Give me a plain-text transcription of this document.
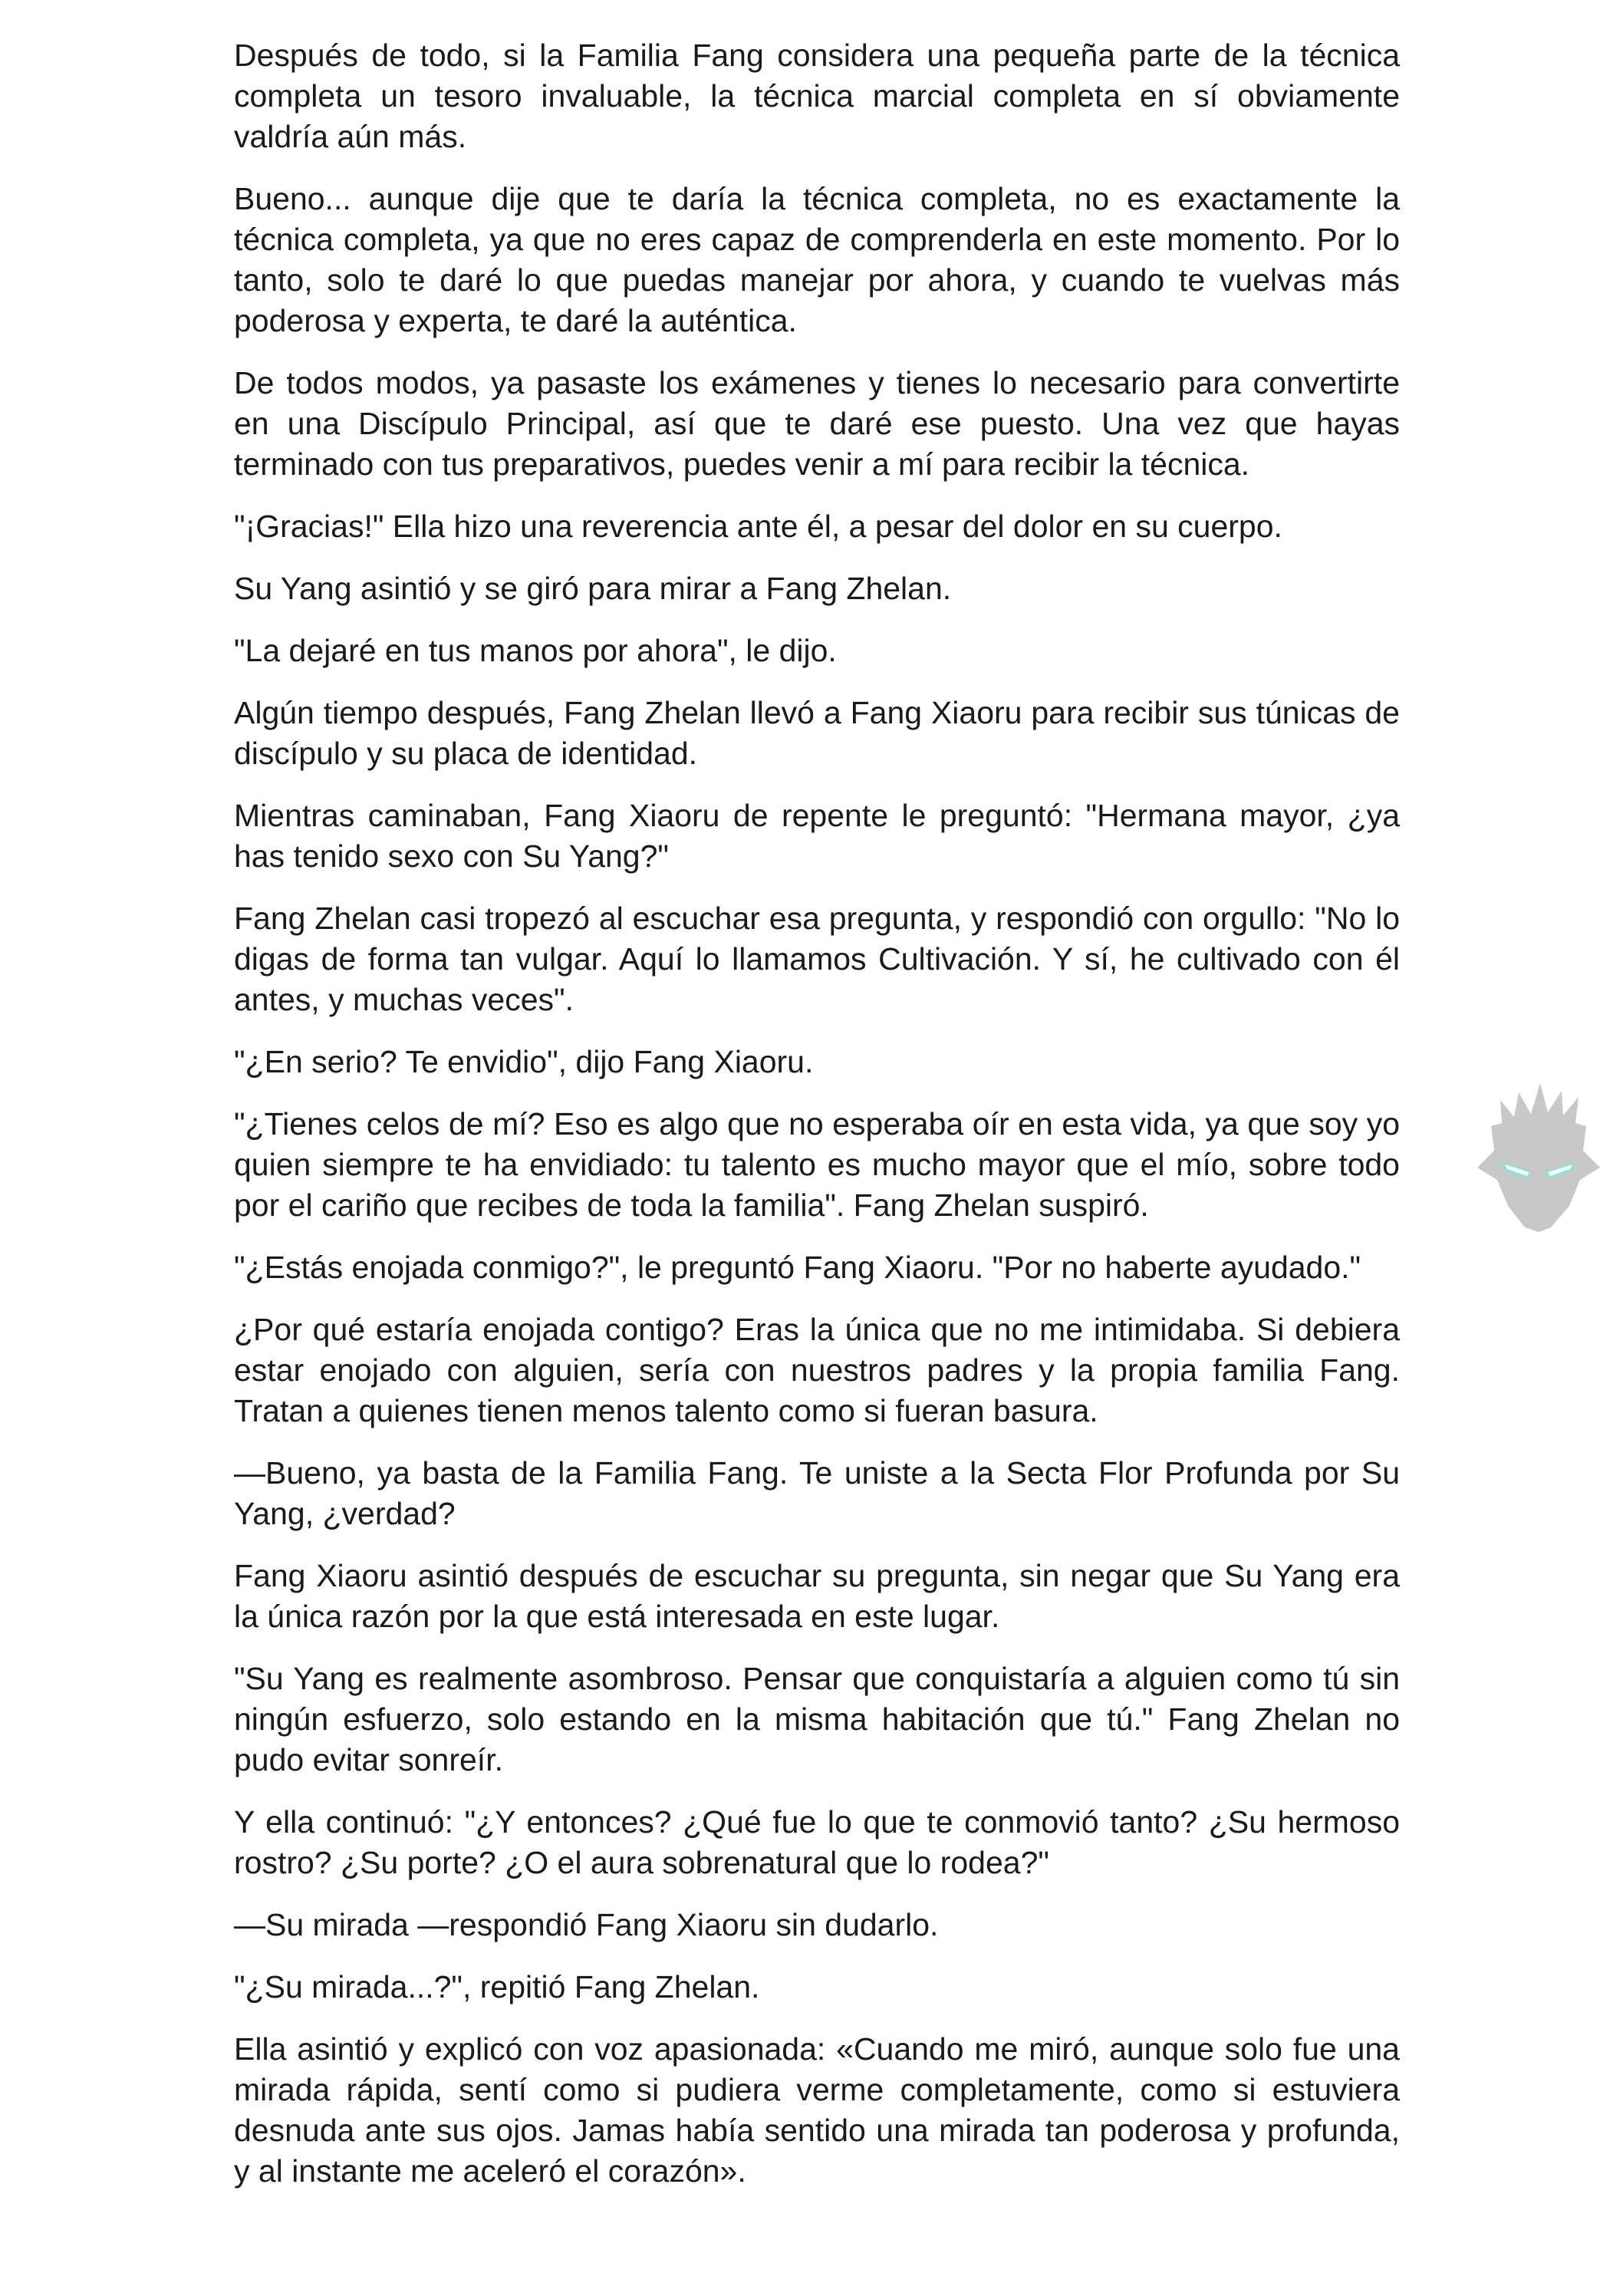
Después de todo, si la Familia Fang considera una pequeña parte de la técnica completa un tesoro invaluable, la técnica marcial completa en sí obviamente valdría aún más.

Bueno... aunque dije que te daría la técnica completa, no es exactamente la técnica completa, ya que no eres capaz de comprenderla en este momento. Por lo tanto, solo te daré lo que puedas manejar por ahora, y cuando te vuelvas más poderosa y experta, te daré la auténtica.

De todos modos, ya pasaste los exámenes y tienes lo necesario para convertirte en una Discípulo Principal, así que te daré ese puesto. Una vez que hayas terminado con tus preparativos, puedes venir a mí para recibir la técnica.

"¡Gracias!" Ella hizo una reverencia ante él, a pesar del dolor en su cuerpo.

Su Yang asintió y se giró para mirar a Fang Zhelan.

"La dejaré en tus manos por ahora", le dijo.

Algún tiempo después, Fang Zhelan llevó a Fang Xiaoru para recibir sus túnicas de discípulo y su placa de identidad.

Mientras caminaban, Fang Xiaoru de repente le preguntó: "Hermana mayor, ¿ya has tenido sexo con Su Yang?"

Fang Zhelan casi tropezó al escuchar esa pregunta, y respondió con orgullo: "No lo digas de forma tan vulgar. Aquí lo llamamos Cultivación. Y sí, he cultivado con él antes, y muchas veces".

"¿En serio? Te envidio", dijo Fang Xiaoru.

"¿Tienes celos de mí? Eso es algo que no esperaba oír en esta vida, ya que soy yo quien siempre te ha envidiado: tu talento es mucho mayor que el mío, sobre todo por el cariño que recibes de toda la familia". Fang Zhelan suspiró.

"¿Estás enojada conmigo?", le preguntó Fang Xiaoru. "Por no haberte ayudado."

¿Por qué estaría enojada contigo? Eras la única que no me intimidaba. Si debiera estar enojado con alguien, sería con nuestros padres y la propia familia Fang. Tratan a quienes tienen menos talento como si fueran basura.

—Bueno, ya basta de la Familia Fang. Te uniste a la Secta Flor Profunda por Su Yang, ¿verdad?

Fang Xiaoru asintió después de escuchar su pregunta, sin negar que Su Yang era la única razón por la que está interesada en este lugar.

"Su Yang es realmente asombroso. Pensar que conquistaría a alguien como tú sin ningún esfuerzo, solo estando en la misma habitación que tú." Fang Zhelan no pudo evitar sonreír.

Y ella continuó: "¿Y entonces? ¿Qué fue lo que te conmovió tanto? ¿Su hermoso rostro? ¿Su porte? ¿O el aura sobrenatural que lo rodea?"

—Su mirada —respondió Fang Xiaoru sin dudarlo.

"¿Su mirada...?", repitió Fang Zhelan.

Ella asintió y explicó con voz apasionada: «Cuando me miró, aunque solo fue una mirada rápida, sentí como si pudiera verme completamente, como si estuviera desnuda ante sus ojos. Jamas había sentido una mirada tan poderosa y profunda, y al instante me aceleró el corazón».
